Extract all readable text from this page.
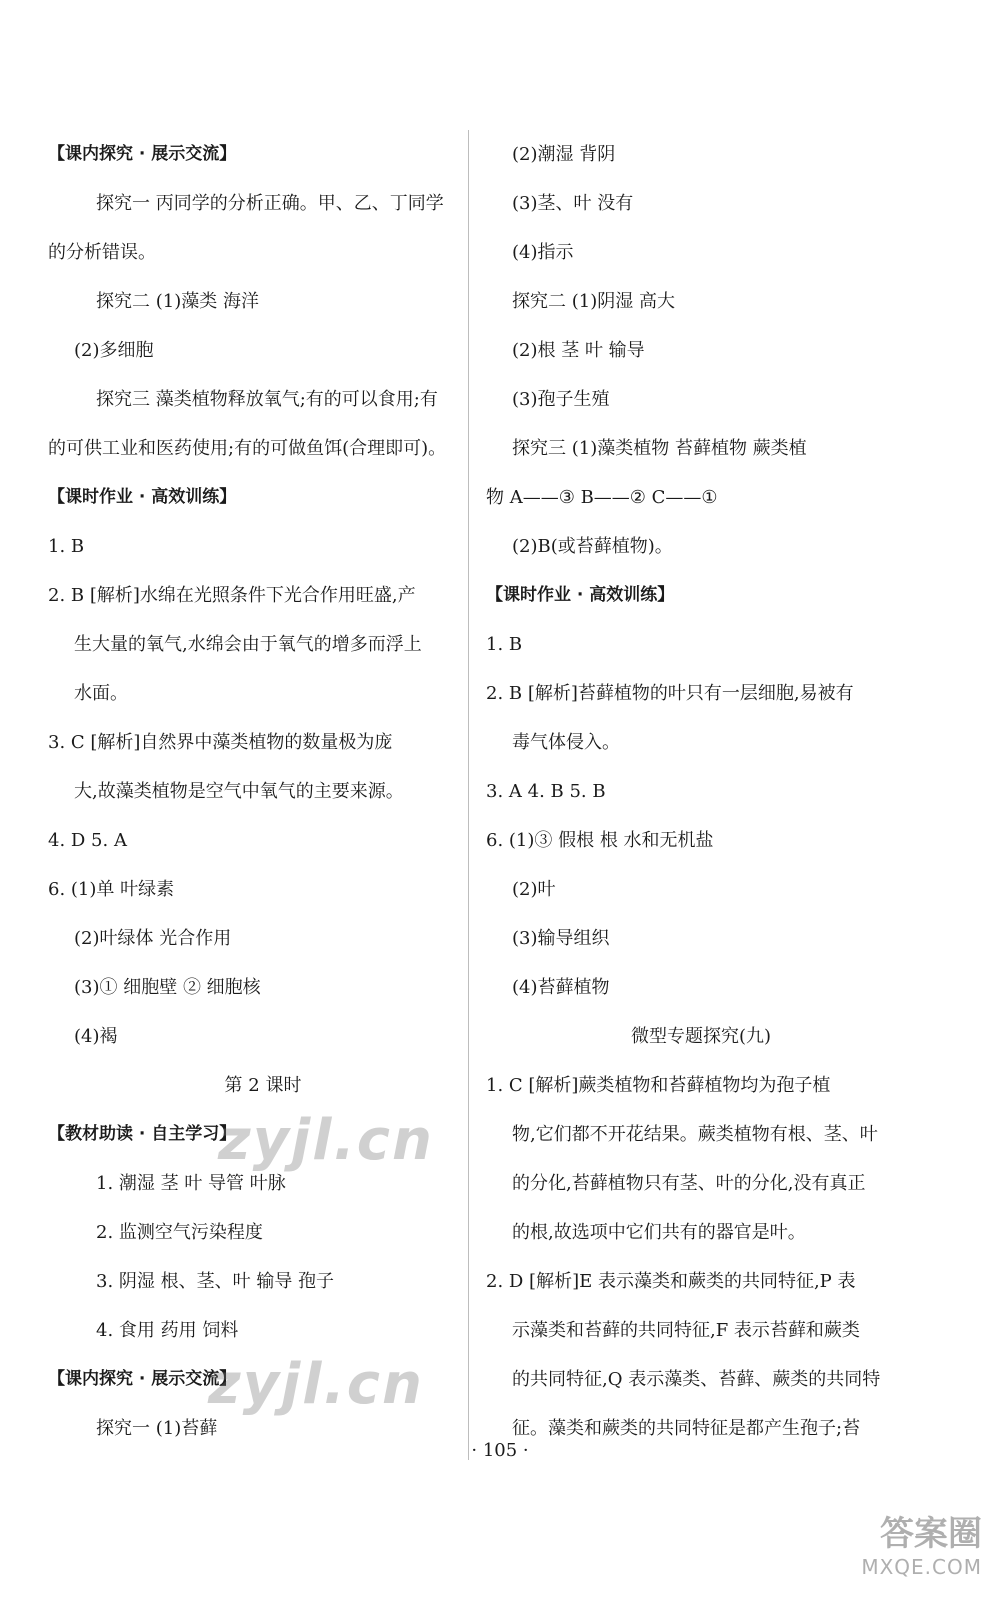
【课内探究 · 展示交流】
探究一 丙同学的分析正确。甲、乙、丁同学
的分析错误。
探究二 (1)藻类 海洋
(2)多细胞
探究三 藻类植物释放氧气;有的可以食用;有
的可供工业和医药使用;有的可做鱼饵(合理即可)。
【课时作业 · 高效训练】
1. B
2. B [解析]水绵在光照条件下光合作用旺盛,产
生大量的氧气,水绵会由于氧气的增多而浮上
水面。
3. C [解析]自然界中藻类植物的数量极为庞
大,故藻类植物是空气中氧气的主要来源。
4. D 5. A
6. (1)单 叶绿素
(2)叶绿体 光合作用
(3)① 细胞壁 ② 细胞核
(4)褐
第 2 课时
【教材助读 · 自主学习】
1. 潮湿 茎 叶 导管 叶脉
2. 监测空气污染程度
3. 阴湿 根、茎、叶 输导 孢子
4. 食用 药用 饲料
【课内探究 · 展示交流】
探究一 (1)苔藓
(2)潮湿 背阴
(3)茎、叶 没有
(4)指示
探究二 (1)阴湿 高大
(2)根 茎 叶 输导
(3)孢子生殖
探究三 (1)藻类植物 苔藓植物 蕨类植
物 A——③ B——② C——①
(2)B(或苔藓植物)。
【课时作业 · 高效训练】
1. B
2. B [解析]苔藓植物的叶只有一层细胞,易被有
毒气体侵入。
3. A 4. B 5. B
6. (1)③ 假根 根 水和无机盐
(2)叶
(3)输导组织
(4)苔藓植物
微型专题探究(九)
1. C [解析]蕨类植物和苔藓植物均为孢子植
物,它们都不开花结果。蕨类植物有根、茎、叶
的分化,苔藓植物只有茎、叶的分化,没有真正
的根,故选项中它们共有的器官是叶。
2. D [解析]E 表示藻类和蕨类的共同特征,P 表
示藻类和苔藓的共同特征,F 表示苔藓和蕨类
的共同特征,Q 表示藻类、苔藓、蕨类的共同特
征。藻类和蕨类的共同特征是都产生孢子;苔
zyjl.cn
zyjl.cn
· 105 ·
答案圈
MXQE.COM
